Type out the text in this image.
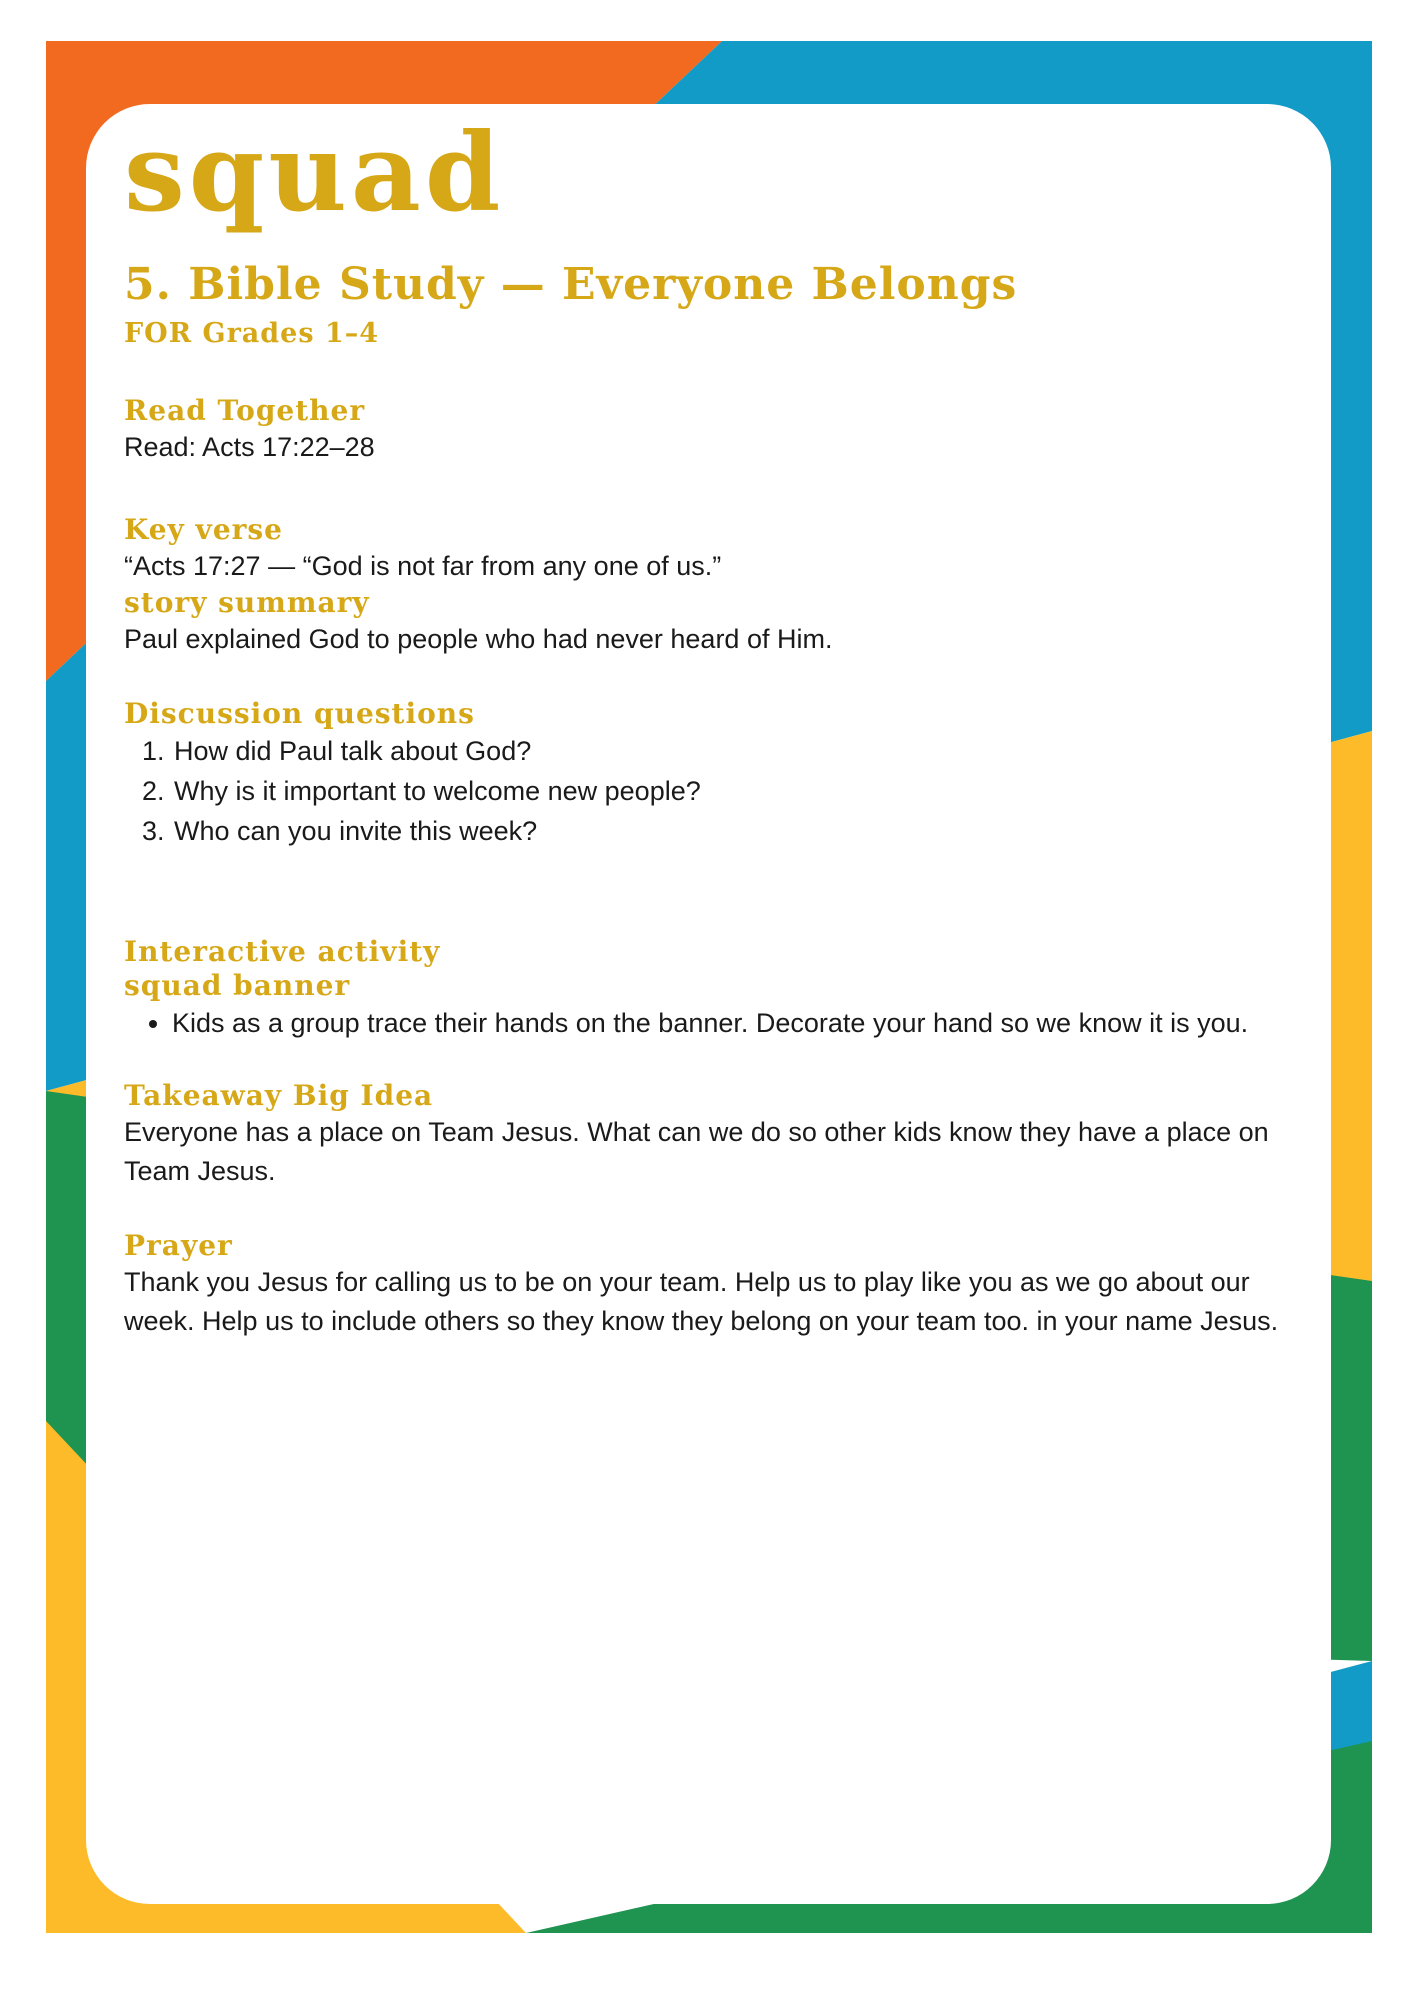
squad
5. Bible Study — Everyone Belongs
FOR Grades 1–4
Read Together

Read: Acts 17:22–28

Key verse

“Acts 17:27 — “God is not far from any one of us.”

story summary

Paul explained God to people who had never heard of Him.

Discussion questions
1. How did Paul talk about God?
2. Why is it important to welcome new people?
3. Who can you invite this week?
Interactive activity
squad banner
• Kids as a group trace their hands on the banner. Decorate your hand so we know it is you.
Takeaway Big Idea

Everyone has a place on Team Jesus. What can we do so other kids know they have a place on Team Jesus.

Prayer

Thank you Jesus for calling us to be on your team. Help us to play like you as we go about our week. Help us to include others so they know they belong on your team too. in your name Jesus.
